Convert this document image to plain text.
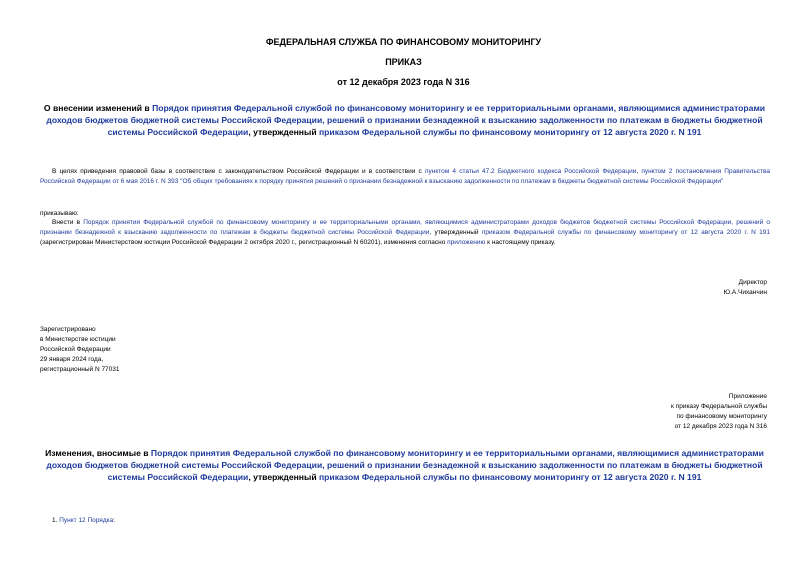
ФЕДЕРАЛЬНАЯ СЛУЖБА ПО ФИНАНСОВОМУ МОНИТОРИНГУ
ПРИКАЗ
от 12 декабря 2023 года N 316
О внесении изменений в Порядок принятия Федеральной службой по финансовому мониторингу и ее территориальными органами, являющимися администраторами доходов бюджетов бюджетной системы Российской Федерации, решений о признании безнадежной к взысканию задолженности по платежам в бюджеты бюджетной системы Российской Федерации, утвержденный приказом Федеральной службы по финансовому мониторингу от 12 августа 2020 г. N 191
В целях приведения правовой базы в соответствие с законодательством Российской Федерации и в соответствии с пунктом 4 статьи 47.2 Бюджетного кодекса Российской Федерации, пунктом 2 постановления Правительства Российской Федерации от 6 мая 2016 г. N 393 "Об общих требованиях к порядку принятия решений о признании безнадежной к взысканию задолженности по платежам в бюджеты бюджетной системы Российской Федерации"
приказываю:
Внести в Порядок принятия Федеральной службой по финансовому мониторингу и ее территориальными органами, являющимися администраторами доходов бюджетов бюджетной системы Российской Федерации, решений о признании безнадежной к взысканию задолженности по платежам в бюджеты бюджетной системы Российской Федерации, утвержденный приказом Федеральной службы по финансовому мониторингу от 12 августа 2020 г. N 191 (зарегистрирован Министерством юстиции Российской Федерации 2 октября 2020 г., регистрационный N 60201), изменения согласно приложению к настоящему приказу.
Директор
Ю.А.Чиханчин
Зарегистрировано
в Министерстве юстиции
Российской Федерации
29 января 2024 года,
регистрационный N 77031
Приложение
к приказу Федеральной службы
по финансовому мониторингу
от 12 декабря 2023 года N 316
Изменения, вносимые в Порядок принятия Федеральной службой по финансовому мониторингу и ее территориальными органами, являющимися администраторами доходов бюджетов бюджетной системы Российской Федерации, решений о признании безнадежной к взысканию задолженности по платежам в бюджеты бюджетной системы Российской Федерации, утвержденный приказом Федеральной службы по финансовому мониторингу от 12 августа 2020 г. N 191
1. Пункт 12 Порядка:
